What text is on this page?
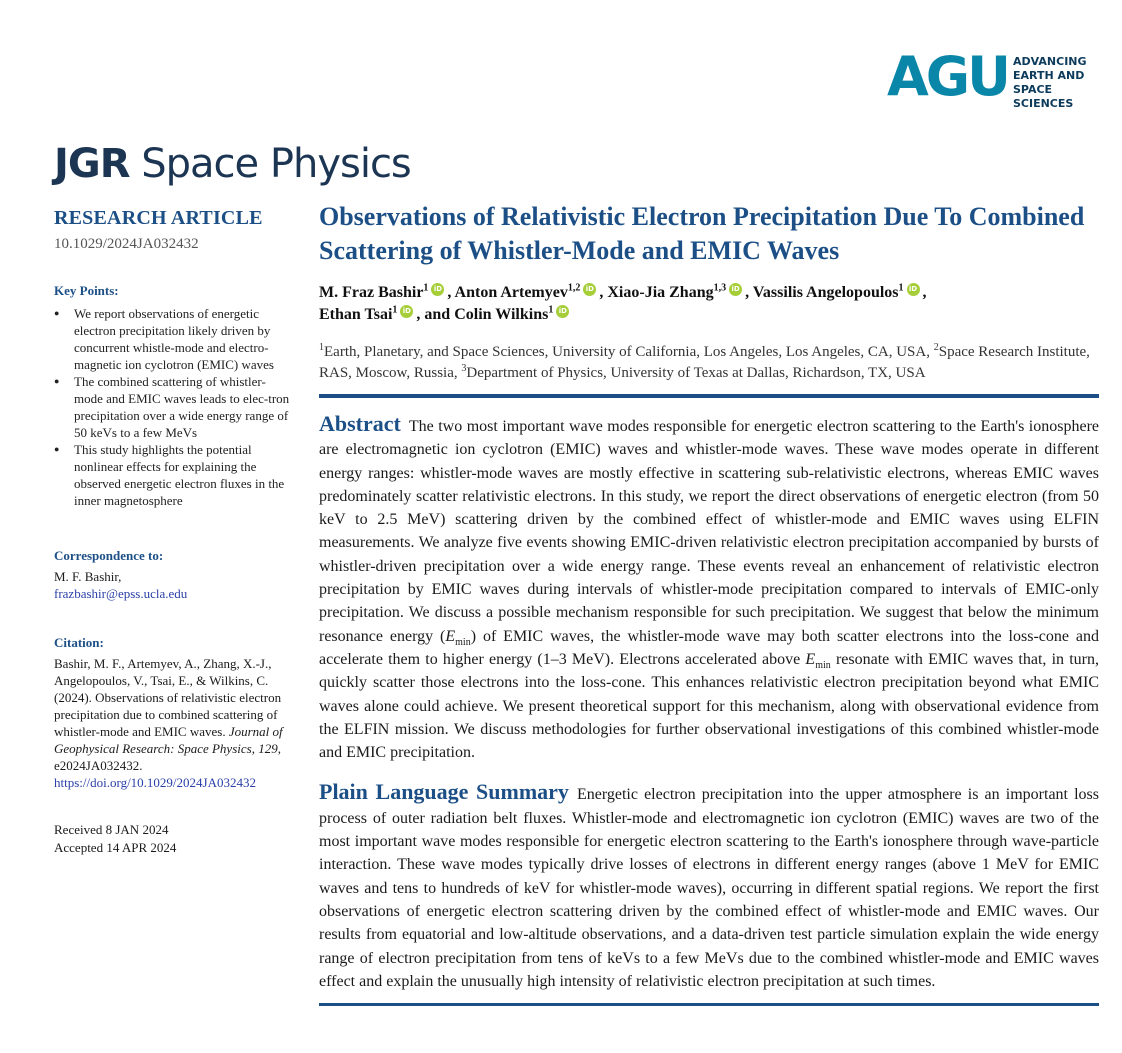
AGU ADVANCING
EARTH AND
SPACE SCIENCES
JGR Space Physics
RESEARCH ARTICLE
10.1029/2024JA032432
Key Points:
● We report observations of energetic electron precipitation likely driven by concurrent whistle-mode and electro-magnetic ion cyclotron (EMIC) waves
● The combined scattering of whistler-mode and EMIC waves leads to elec-tron precipitation over a wide energy range of 50 keVs to a few MeVs
● This study highlights the potential nonlinear effects for explaining the observed energetic electron fluxes in the inner magnetosphere
Correspondence to:
M. F. Bashir,
frazbashir@epss.ucla.edu
Citation:
Bashir, M. F., Artemyev, A., Zhang, X.-J., Angelopoulos, V., Tsai, E., & Wilkins, C. (2024). Observations of relativistic electron precipitation due to combined scattering of whistler-mode and EMIC waves. Journal of Geophysical Research: Space Physics, 129, e2024JA032432.
https://doi.org/10.1029/2024JA032432
Received 8 JAN 2024
Accepted 14 APR 2024
Observations of Relativistic Electron Precipitation Due To Combined Scattering of Whistler-Mode and EMIC Waves
M. Fraz Bashir$^1$ iD , Anton Artemyev$^{1,2}$ iD , Xiao-Jia Zhang$^{1,3}$ iD , Vassilis Angelopoulos$^1$ iD ,
Ethan Tsai$^1$ iD , and Colin Wilkins$^1$iD
$^1$Earth, Planetary, and Space Sciences, University of California, Los Angeles, Los Angeles, CA, USA, $^2$Space Research Institute, RAS, Moscow, Russia, $^3$Department of Physics, University of Texas at Dallas, Richardson, TX, USA
Abstract The two most important wave modes responsible for energetic electron scattering to the Earth's ionosphere are electromagnetic ion cyclotron (EMIC) waves and whistler-mode waves. These wave modes operate in different energy ranges: whistler-mode waves are mostly effective in scattering sub-relativistic electrons, whereas EMIC waves predominately scatter relativistic electrons. In this study, we report the direct observations of energetic electron (from 50 keV to 2.5 MeV) scattering driven by the combined effect of whistler-mode and EMIC waves using ELFIN measurements. We analyze five events showing EMIC-driven relativistic electron precipitation accompanied by bursts of whistler-driven precipitation over a wide energy range. These events reveal an enhancement of relativistic electron precipitation by EMIC waves during intervals of whistler-mode precipitation compared to intervals of EMIC-only precipitation. We discuss a possible mechanism responsible for such precipitation. We suggest that below the minimum resonance energy $(E_{min})$ of EMIC waves, the whistler-mode wave may both scatter electrons into the loss-cone and accelerate them to higher energy (1–3 MeV). Electrons accelerated above $E_{min}$ resonate with EMIC waves that, in turn, quickly scatter those electrons into the loss-cone. This enhances relativistic electron precipitation beyond what EMIC waves alone could achieve. We present theoretical support for this mechanism, along with observational evidence from the ELFIN mission. We discuss methodologies for further observational investigations of this combined whistler-mode and EMIC precipitation.
Plain Language Summary Energetic electron precipitation into the upper atmosphere is an important loss process of outer radiation belt fluxes. Whistler-mode and electromagnetic ion cyclotron (EMIC) waves are two of the most important wave modes responsible for energetic electron scattering to the Earth's ionosphere through wave-particle interaction. These wave modes typically drive losses of electrons in different energy ranges (above 1 MeV for EMIC waves and tens to hundreds of keV for whistler-mode waves), occurring in different spatial regions. We report the first observations of energetic electron scattering driven by the combined effect of whistler-mode and EMIC waves. Our results from equatorial and low-altitude observations, and a data-driven test particle simulation explain the wide energy range of electron precipitation from tens of keVs to a few MeVs due to the combined whistler-mode and EMIC waves effect and explain the unusually high intensity of relativistic electron precipitation at such times.
